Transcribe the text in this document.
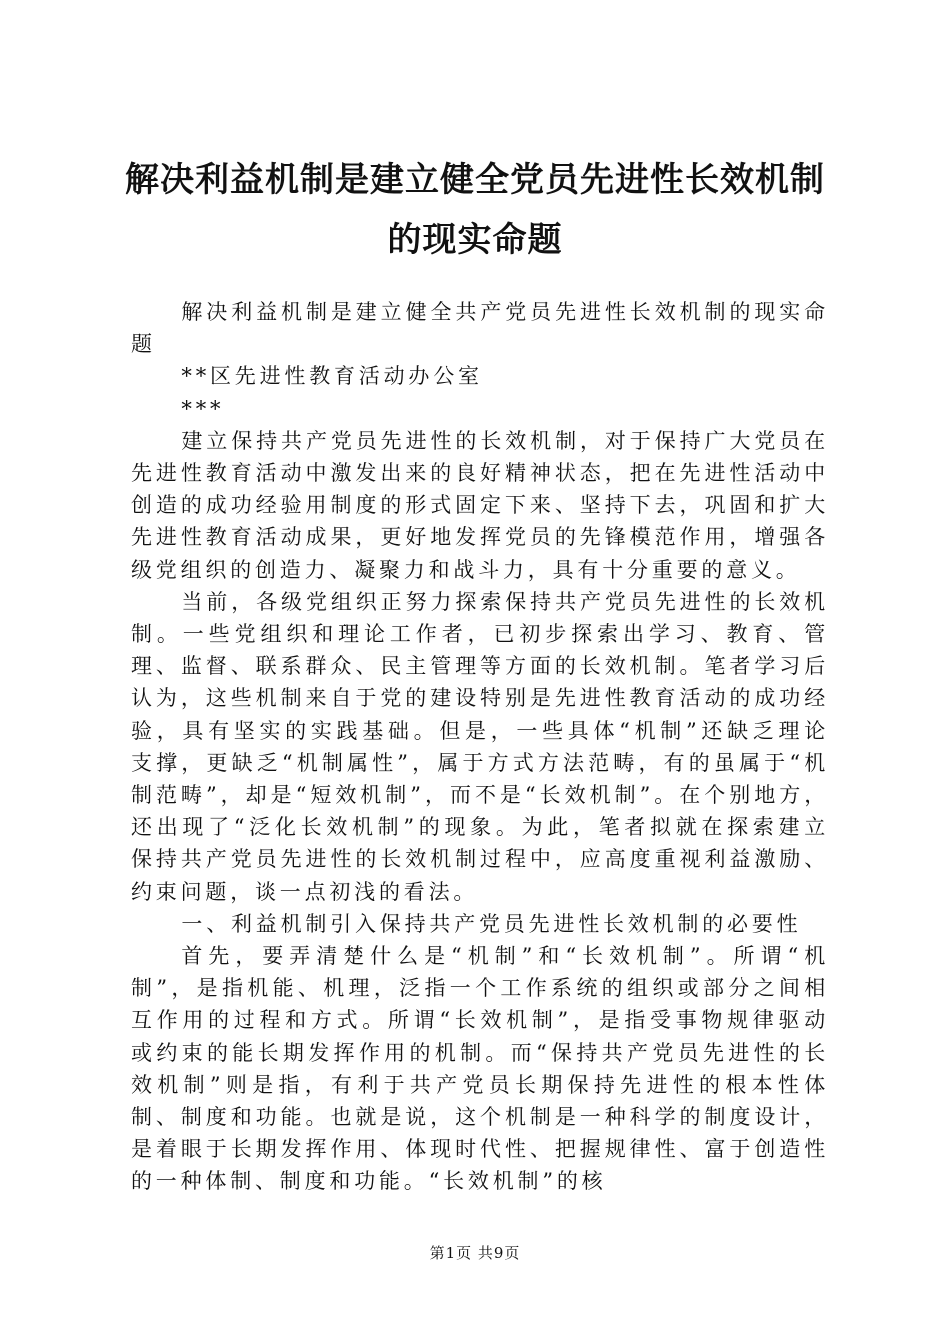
解决利益机制是建立健全党员先进性长效机制
的现实命题

解决利益机制是建立健全共产党员先进性长效机制的现实命题

**区先进性教育活动办公室

***

建立保持共产党员先进性的长效机制，对于保持广大党员在先进性教育活动中激发出来的良好精神状态，把在先进性活动中创造的成功经验用制度的形式固定下来、坚持下去，巩固和扩大先进性教育活动成果，更好地发挥党员的先锋模范作用，增强各级党组织的创造力、凝聚力和战斗力，具有十分重要的意义。

当前，各级党组织正努力探索保持共产党员先进性的长效机制。一些党组织和理论工作者，已初步探索出学习、教育、管理、监督、联系群众、民主管理等方面的长效机制。笔者学习后认为，这些机制来自于党的建设特别是先进性教育活动的成功经验，具有坚实的实践基础。但是，一些具体“机制”还缺乏理论支撑，更缺乏“机制属性”，属于方式方法范畴，有的虽属于“机制范畴”，却是“短效机制”，而不是“长效机制”。在个别地方，还出现了“泛化长效机制”的现象。为此，笔者拟就在探索建立保持共产党员先进性的长效机制过程中，应高度重视利益激励、约束问题，谈一点初浅的看法。

一、利益机制引入保持共产党员先进性长效机制的必要性

首先，要弄清楚什么是“机制”和“长效机制”。所谓“机制”，是指机能、机理，泛指一个工作系统的组织或部分之间相互作用的过程和方式。所谓“长效机制”，是指受事物规律驱动或约束的能长期发挥作用的机制。而“保持共产党员先进性的长效机制”则是指，有利于共产党员长期保持先进性的根本性体制、制度和功能。也就是说，这个机制是一种科学的制度设计，是着眼于长期发挥作用、体现时代性、把握规律性、富于创造性的一种体制、制度和功能。“长效机制”的核

第1页 共9页
